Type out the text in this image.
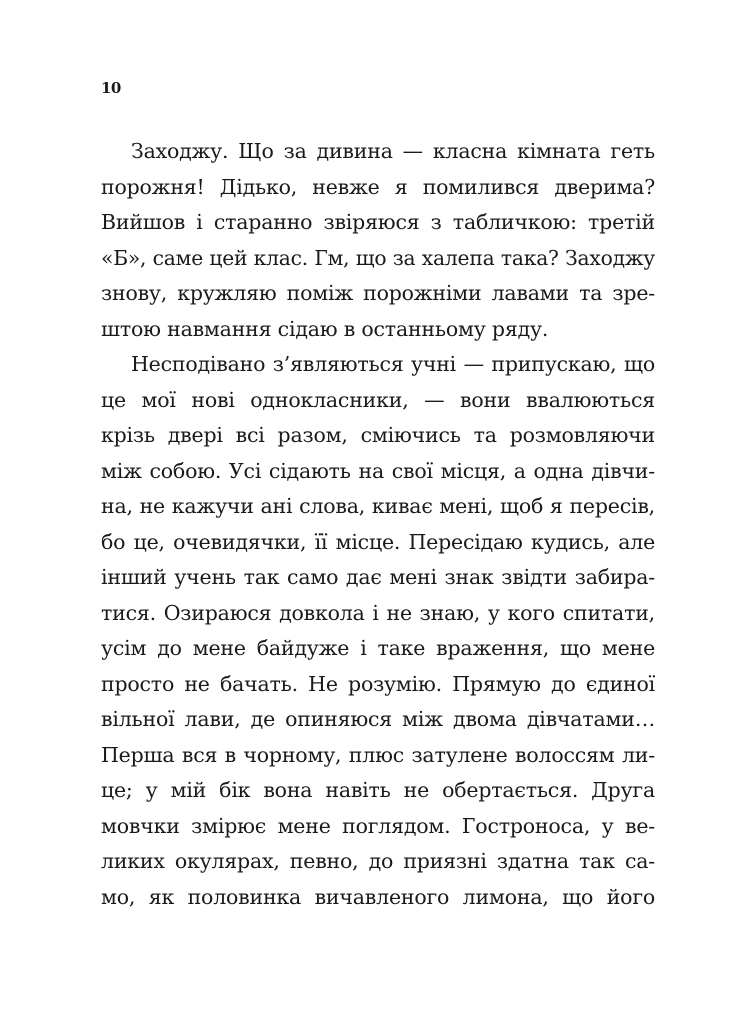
10
Заходжу. Що за дивина — класна кімната геть
порожня! Дідько, невже я помилився дверима?
Вийшов і старанно звіряюся з табличкою: третій
«Б», саме цей клас. Гм, що за халепа така? Заходжу
знову, кружляю поміж порожніми лавами та зре-
штою навмання сідаю в останньому ряду.
Несподівано з’являються учні — припускаю, що
це мої нові однокласники, — вони ввалюються
крізь двері всі разом, сміючись та розмовляючи
між собою. Усі сідають на свої місця, а одна дівчи-
на, не кажучи ані слова, киває мені, щоб я пересів,
бо це, очевидячки, її місце. Пересідаю кудись, але
інший учень так само дає мені знак звідти забира-
тися. Озираюся довкола і не знаю, у кого спитати,
усім до мене байдуже і таке враження, що мене
просто не бачать. Не розумію. Прямую до єдиної
вільної лави, де опиняюся між двома дівчатами…
Перша вся в чорному, плюс затулене волоссям ли-
це; у мій бік вона навіть не обертається. Друга
мовчки змірює мене поглядом. Гостроноса, у ве-
ликих окулярах, певно, до приязні здатна так са-
мо, як половинка вичавленого лимона, що його
